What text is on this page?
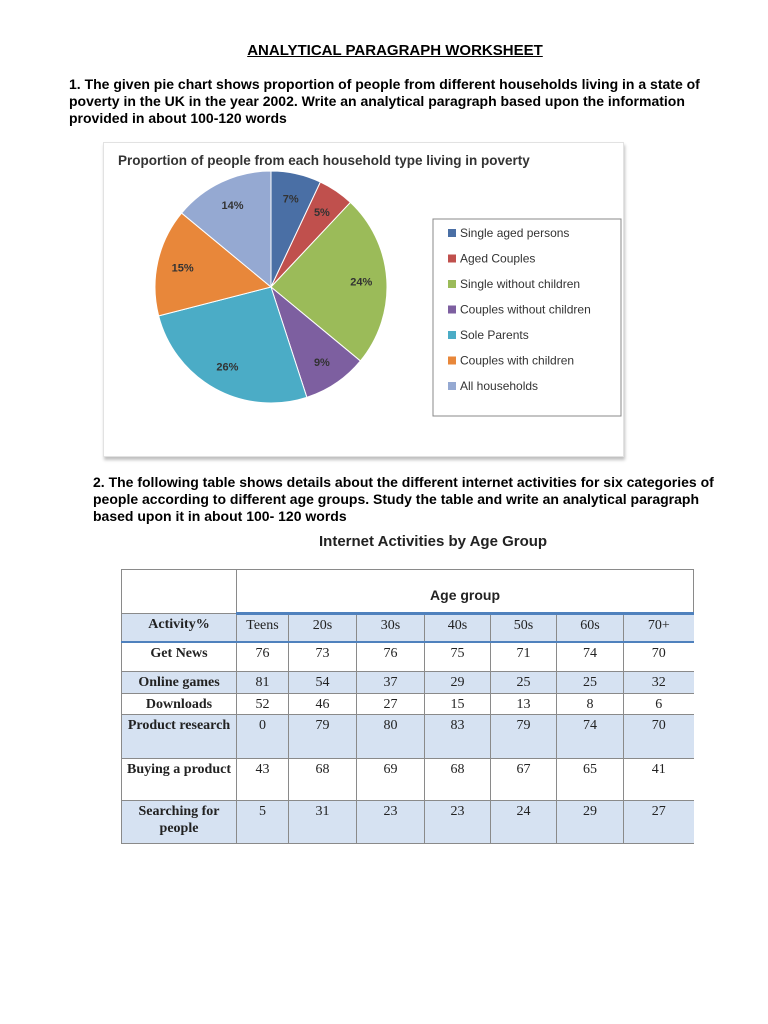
ANALYTICAL PARAGRAPH WORKSHEET
1. The given pie chart shows proportion of people from different households living in a state of poverty in the UK in the year 2002. Write an analytical paragraph based upon the information provided in about 100-120 words
Proportion of people from each household type living in poverty
7%
5%
24%
9%
26%
15%
14%
Single aged persons
Aged Couples
Single without children
Couples without children
Sole Parents
Couples with children
All households
2. The following table shows details about the different internet activities for six categories of people according to different age groups. Study the table and write an analytical paragraph based upon it in about 100- 120 words
Internet Activities by Age Group
	Age group						
Activity%	Teens	20s	30s	40s	50s	60s	70+
Get News	76	73	76	75	71	74	70
Online games	81	54	37	29	25	25	32
Downloads	52	46	27	15	13	8	6
Product research	0	79	80	83	79	74	70
Buying a product	43	68	69	68	67	65	41
Searching for people	5	31	23	23	24	29	27
